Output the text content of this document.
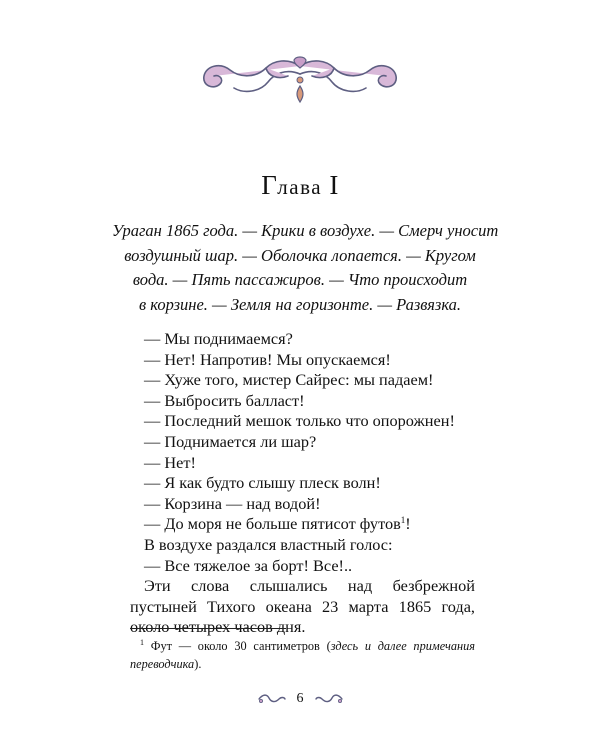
Глава I
Ураган 1865 года. — Крики в воздухе. — Смерч уносит
воздушный шар. — Оболочка лопается. — Кругом
вода. — Пять пассажиров. — Что происходит
в корзине. — Земля на горизонте. — Развязка.
— Мы поднимаемся?
— Нет! Напротив! Мы опускаемся!
— Хуже того, мистер Сайрес: мы падаем!
— Выбросить балласт!
— Последний мешок только что опорожнен!
— Поднимается ли шар?
— Нет!
— Я как будто слышу плеск волн!
— Корзина — над водой!
— До моря не больше пятисот футов$^1$!
В воздухе раздался властный голос:
— Все тяжелое за борт! Все!..
Эти слова слышались над безбрежной пустыней Тихого океана 23 марта 1865 года, около четырех часов дня.
$^1$ Фут — около 30 сантиметров (здесь и далее примечания переводчика).
6
